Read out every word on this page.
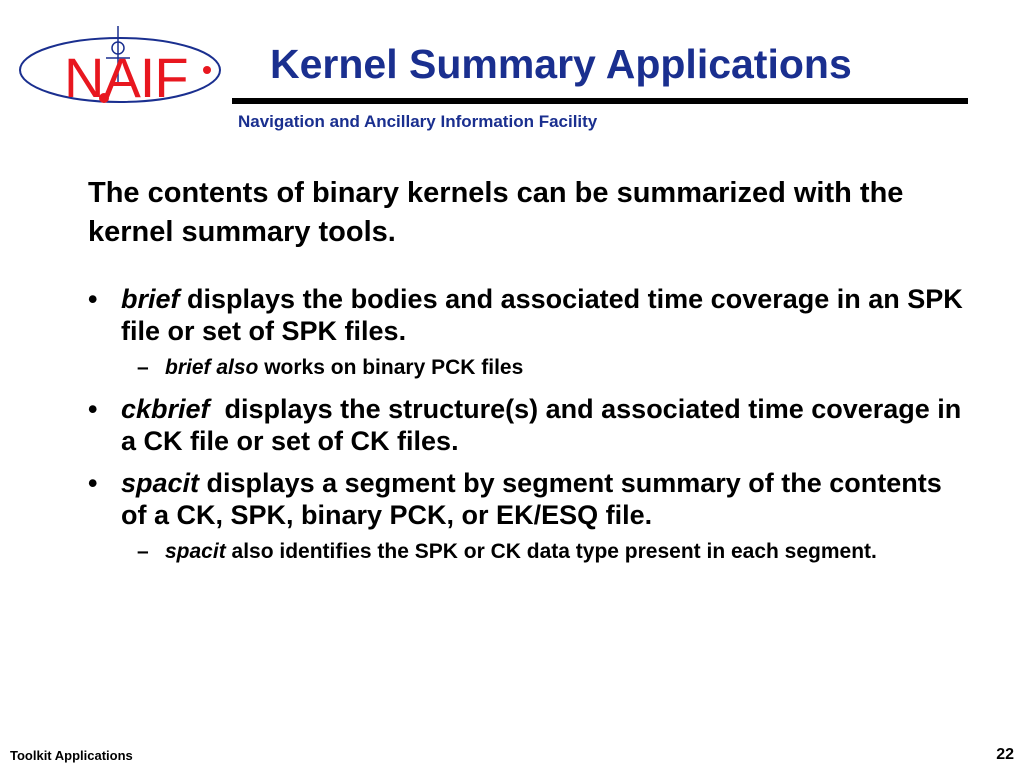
NAIF Kernel Summary Applications
Navigation and Ancillary Information Facility
The contents of binary kernels can be summarized with the kernel summary tools.
• brief displays the bodies and associated time coverage in an SPK file or set of SPK files.
– brief also works on binary PCK files
• ckbrief  displays the structure(s) and associated time coverage in a CK file or set of CK files.
• spacit displays a segment by segment summary of the contents of a CK, SPK, binary PCK, or EK/ESQ file.
– spacit also identifies the SPK or CK data type present in each segment.
Toolkit Applications	22
